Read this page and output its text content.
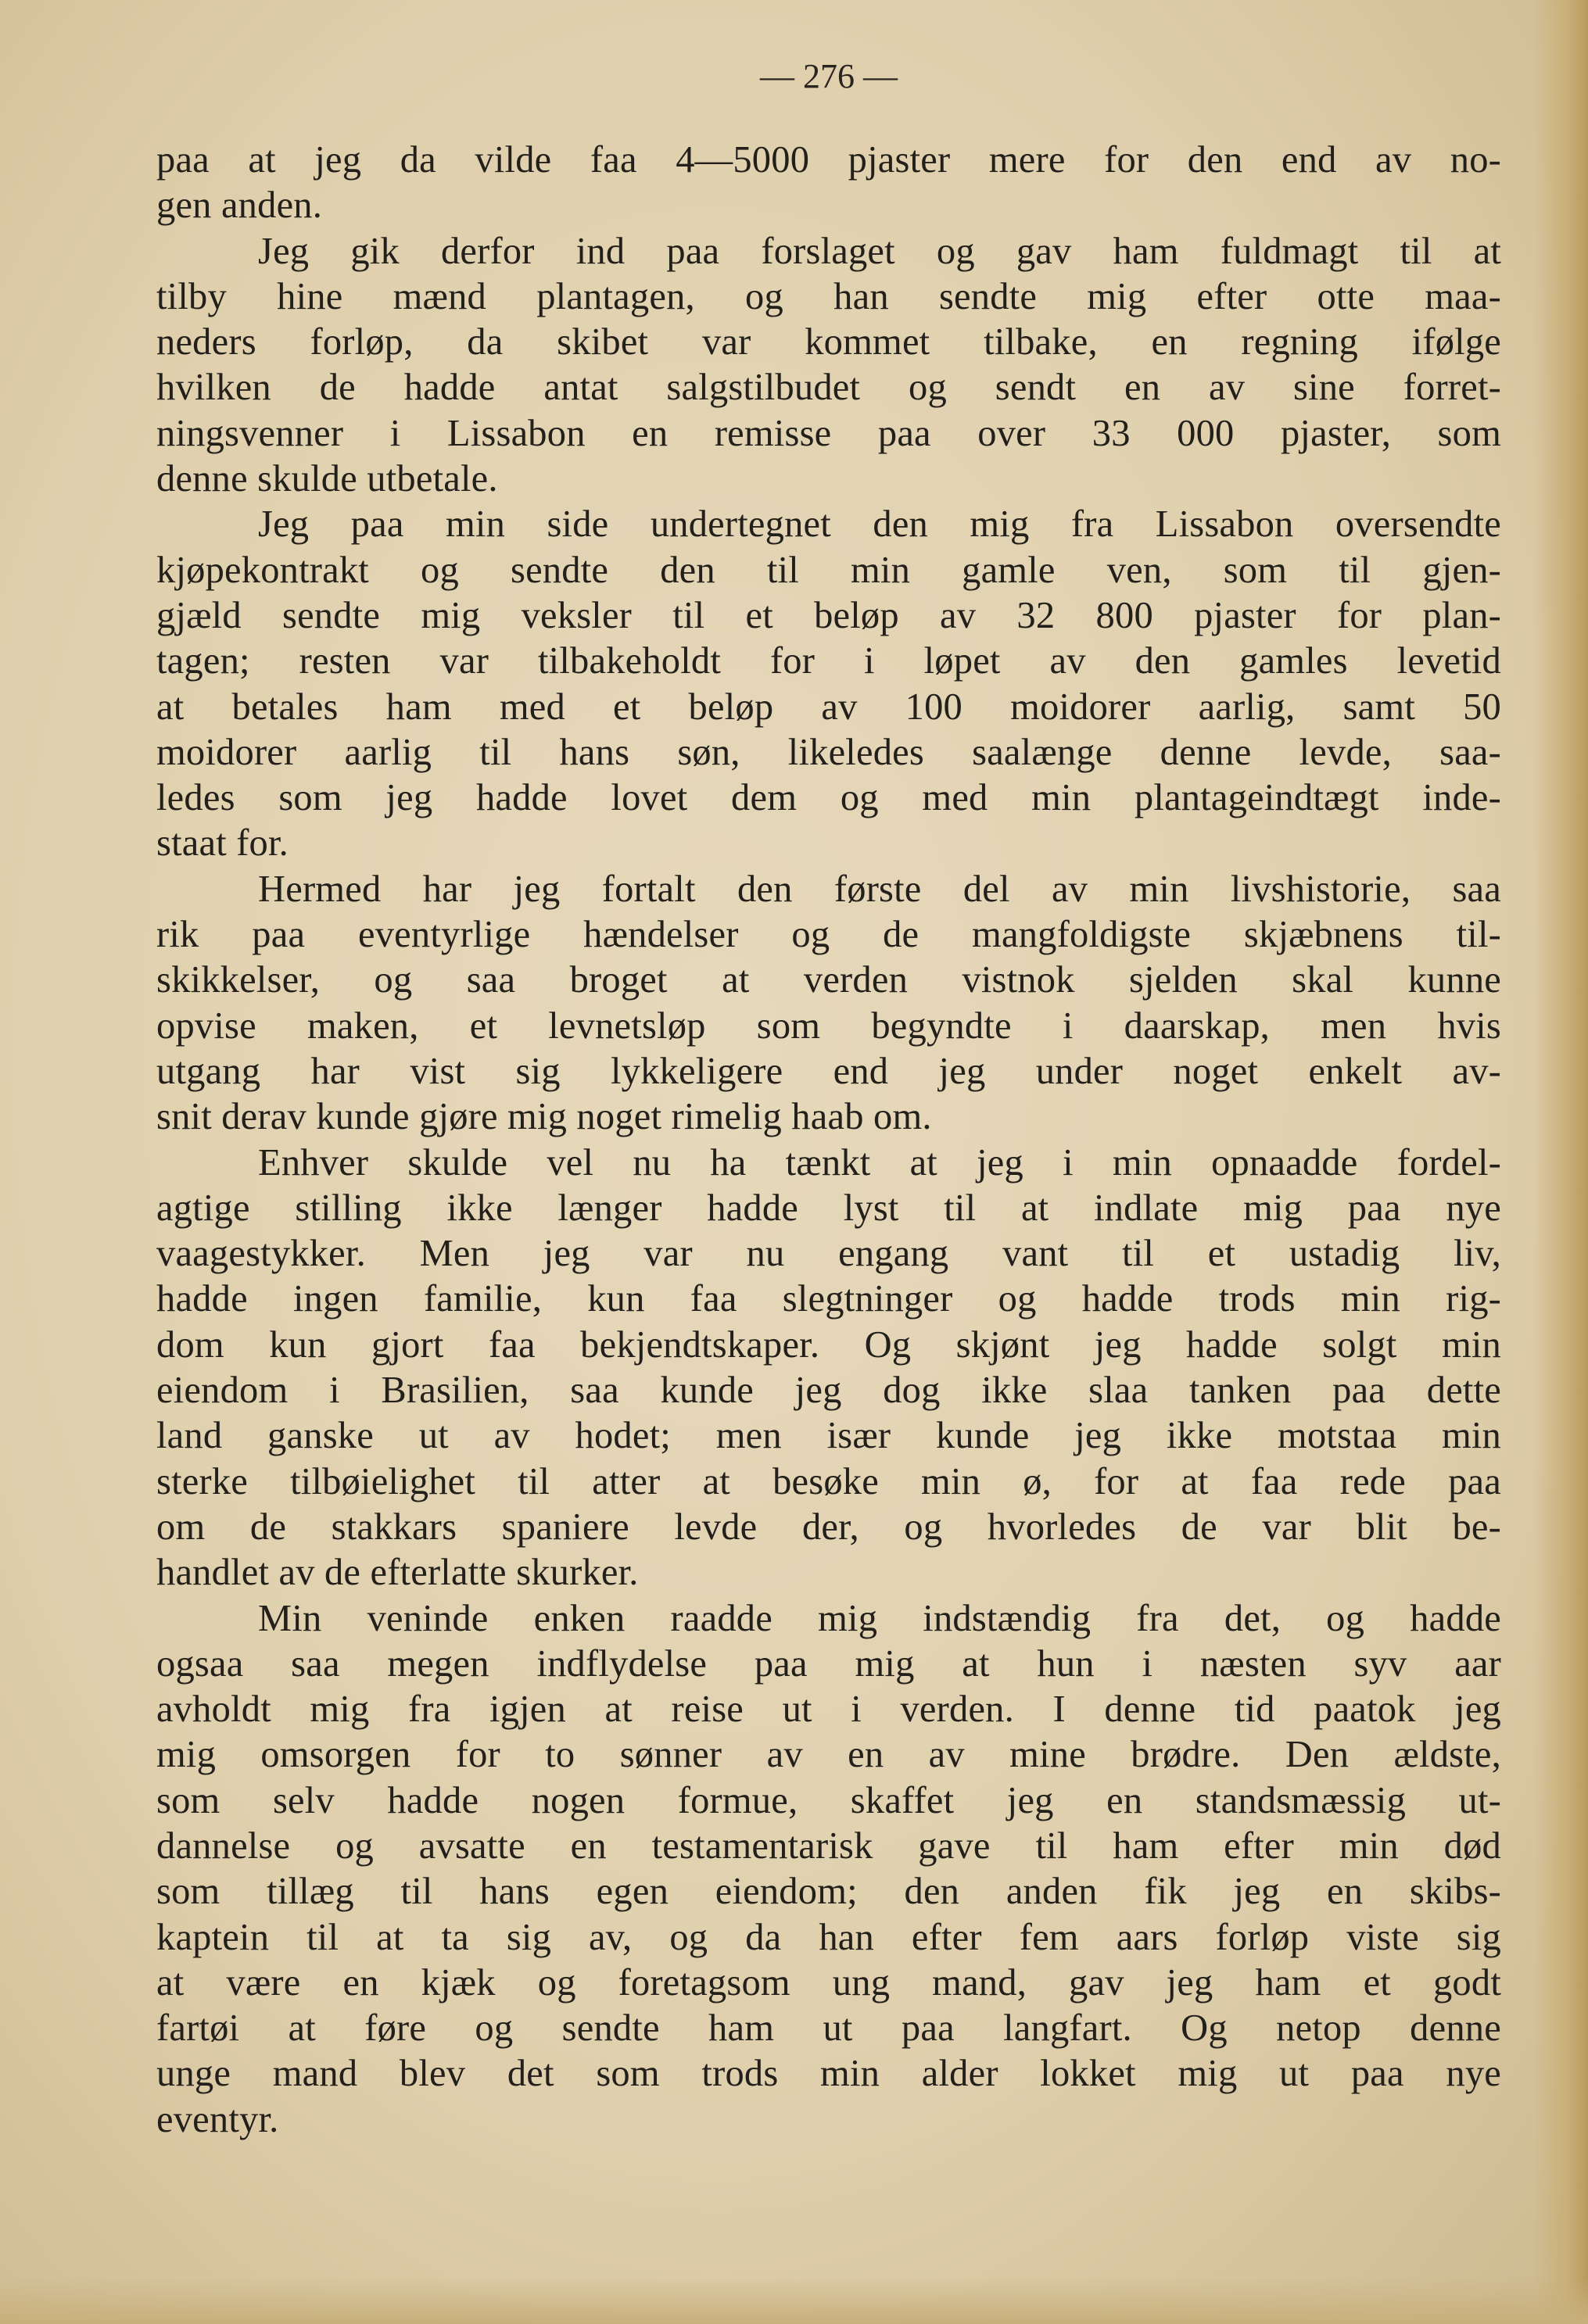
— 276 —
paa at jeg da vilde faa 4—5000 pjaster mere for den end av no-
gen anden.
Jeg gik derfor ind paa forslaget og gav ham fuldmagt til at
tilby hine mænd plantagen, og han sendte mig efter otte maa-
neders forløp, da skibet var kommet tilbake, en regning ifølge
hvilken de hadde antat salgstilbudet og sendt en av sine forret-
ningsvenner i Lissabon en remisse paa over 33 000 pjaster, som
denne skulde utbetale.
Jeg paa min side undertegnet den mig fra Lissabon oversendte
kjøpekontrakt og sendte den til min gamle ven, som til gjen-
gjæld sendte mig veksler til et beløp av 32 800 pjaster for plan-
tagen; resten var tilbakeholdt for i løpet av den gamles levetid
at betales ham med et beløp av 100 moidorer aarlig, samt 50
moidorer aarlig til hans søn, likeledes saalænge denne levde, saa-
ledes som jeg hadde lovet dem og med min plantageindtægt inde-
staat for.
Hermed har jeg fortalt den første del av min livshistorie, saa
rik paa eventyrlige hændelser og de mangfoldigste skjæbnens til-
skikkelser, og saa broget at verden vistnok sjelden skal kunne
opvise maken, et levnetsløp som begyndte i daarskap, men hvis
utgang har vist sig lykkeligere end jeg under noget enkelt av-
snit derav kunde gjøre mig noget rimelig haab om.
Enhver skulde vel nu ha tænkt at jeg i min opnaadde fordel-
agtige stilling ikke længer hadde lyst til at indlate mig paa nye
vaagestykker. Men jeg var nu engang vant til et ustadig liv,
hadde ingen familie, kun faa slegtninger og hadde trods min rig-
dom kun gjort faa bekjendtskaper. Og skjønt jeg hadde solgt min
eiendom i Brasilien, saa kunde jeg dog ikke slaa tanken paa dette
land ganske ut av hodet; men især kunde jeg ikke motstaa min
sterke tilbøielighet til atter at besøke min ø, for at faa rede paa
om de stakkars spaniere levde der, og hvorledes de var blit be-
handlet av de efterlatte skurker.
Min veninde enken raadde mig indstændig fra det, og hadde
ogsaa saa megen indflydelse paa mig at hun i næsten syv aar
avholdt mig fra igjen at reise ut i verden. I denne tid paatok jeg
mig omsorgen for to sønner av en av mine brødre. Den ældste,
som selv hadde nogen formue, skaffet jeg en standsmæssig ut-
dannelse og avsatte en testamentarisk gave til ham efter min død
som tillæg til hans egen eiendom; den anden fik jeg en skibs-
kaptein til at ta sig av, og da han efter fem aars forløp viste sig
at være en kjæk og foretagsom ung mand, gav jeg ham et godt
fartøi at føre og sendte ham ut paa langfart. Og netop denne
unge mand blev det som trods min alder lokket mig ut paa nye
eventyr.
